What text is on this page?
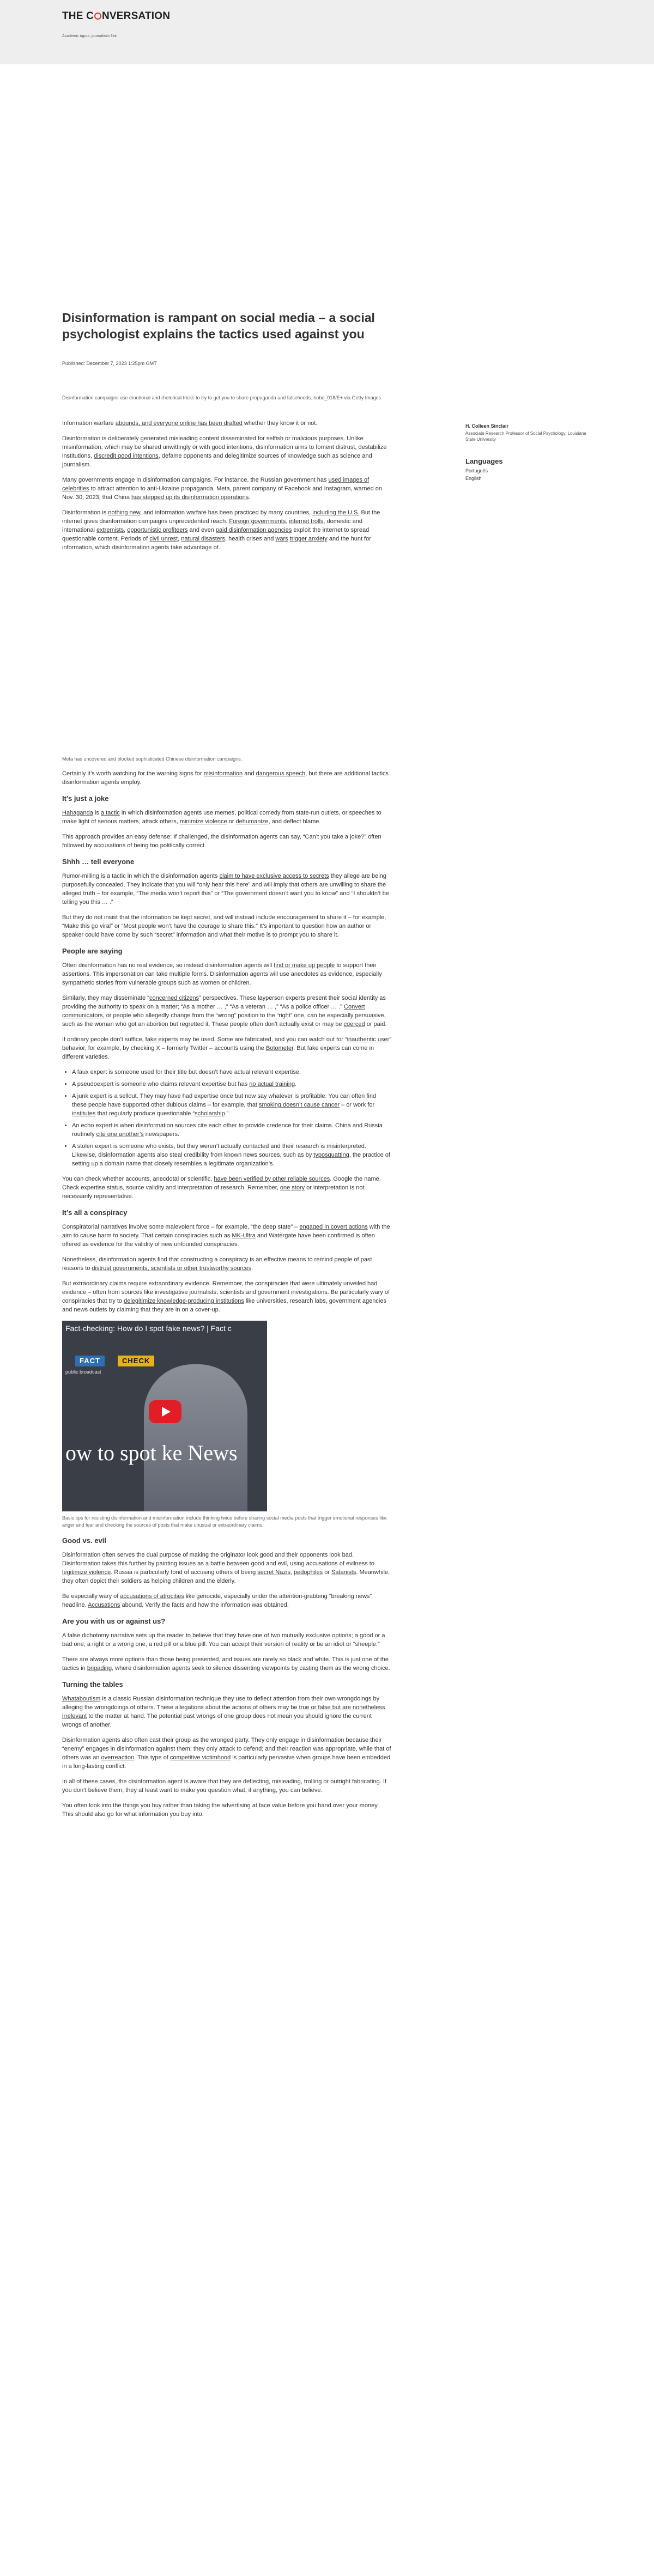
THE C NVERSATION
Academic rigour, journalistic flair
Disinformation is rampant on social media – a social psychologist explains the tactics used against you
Published: December 7, 2023 1:25pm GMT
Disinformation campaigns use emotional and rhetorical tricks to try to get you to share propaganda and falsehoods. hobo_018/E+ via Getty Images
H. Colleen Sinclair
Associate Research Professor of Social Psychology, Louisiana State University
Languages
Português
English

Information warfare abounds, and everyone online has been drafted whether they know it or not.

Disinformation is deliberately generated misleading content disseminated for selfish or malicious purposes. Unlike misinformation, which may be shared unwittingly or with good intentions, disinformation aims to foment distrust, destabilize institutions, discredit good intentions, defame opponents and delegitimize sources of knowledge such as science and journalism.

Many governments engage in disinformation campaigns. For instance, the Russian government has used images of celebrities to attract attention to anti-Ukraine propaganda. Meta, parent company of Facebook and Instagram, warned on Nov. 30, 2023, that China has stepped up its disinformation operations.

Disinformation is nothing new, and information warfare has been practiced by many countries, including the U.S. But the internet gives disinformation campaigns unprecedented reach. Foreign governments, internet trolls, domestic and international extremists, opportunistic profiteers and even paid disinformation agencies exploit the internet to spread questionable content. Periods of civil unrest, natural disasters, health crises and wars trigger anxiety and the hunt for information, which disinformation agents take advantage of.

Meta has uncovered and blocked sophisticated Chinese disinformation campaigns.

Certainly it’s worth watching for the warning signs for misinformation and dangerous speech, but there are additional tactics disinformation agents employ.

It’s just a joke

Hahaganda is a tactic in which disinformation agents use memes, political comedy from state-run outlets, or speeches to make light of serious matters, attack others, minimize violence or dehumanize, and deflect blame.

This approach provides an easy defense: If challenged, the disinformation agents can say, “Can’t you take a joke?” often followed by accusations of being too politically correct.

Shhh … tell everyone

Rumor-milling is a tactic in which the disinformation agents claim to have exclusive access to secrets they allege are being purposefully concealed. They indicate that you will “only hear this here” and will imply that others are unwilling to share the alleged truth – for example, “The media won’t report this” or “The government doesn’t want you to know” and “I shouldn’t be telling you this … .”

But they do not insist that the information be kept secret, and will instead include encouragement to share it – for example, “Make this go viral” or “Most people won’t have the courage to share this.” It’s important to question how an author or speaker could have come by such “secret” information and what their motive is to prompt you to share it.

People are saying

Often disinformation has no real evidence, so instead disinformation agents will find or make up people to support their assertions. This impersonation can take multiple forms. Disinformation agents will use anecdotes as evidence, especially sympathetic stories from vulnerable groups such as women or children.

Similarly, they may disseminate “concerned citizens” perspectives. These layperson experts present their social identity as providing the authority to speak on a matter; “As a mother … ,” “As a veteran … ,” “As a police officer … .” Convert communicators, or people who allegedly change from the “wrong” position to the “right” one, can be especially persuasive, such as the woman who got an abortion but regretted it. These people often don’t actually exist or may be coerced or paid.

If ordinary people don’t suffice, fake experts may be used. Some are fabricated, and you can watch out for “inauthentic user” behavior, for example, by checking X – formerly Twitter – accounts using the Botometer. But fake experts can come in different varieties.

• A faux expert is someone used for their title but doesn’t have actual relevant expertise.
• A pseudoexpert is someone who claims relevant expertise but has no actual training.
• A junk expert is a sellout. They may have had expertise once but now say whatever is profitable. You can often find these people have supported other dubious claims – for example, that smoking doesn’t cause cancer – or work for institutes that regularly produce questionable “scholarship.”
• An echo expert is when disinformation sources cite each other to provide credence for their claims. China and Russia routinely cite one another’s newspapers.
• A stolen expert is someone who exists, but they weren’t actually contacted and their research is misinterpreted. Likewise, disinformation agents also steal credibility from known news sources, such as by typosquatting, the practice of setting up a domain name that closely resembles a legitimate organization’s.

You can check whether accounts, anecdotal or scientific, have been verified by other reliable sources. Google the name. Check expertise status, source validity and interpretation of research. Remember, one story or interpretation is not necessarily representative.

It’s all a conspiracy

Conspiratorial narratives involve some malevolent force – for example, “the deep state” – engaged in covert actions with the aim to cause harm to society. That certain conspiracies such as MK-Ultra and Watergate have been confirmed is often offered as evidence for the validity of new unfounded conspiracies.

Nonetheless, disinformation agents find that constructing a conspiracy is an effective means to remind people of past reasons to distrust governments, scientists or other trustworthy sources.

But extraordinary claims require extraordinary evidence. Remember, the conspiracies that were ultimately unveiled had evidence – often from sources like investigative journalists, scientists and government investigations. Be particularly wary of conspiracies that try to delegitimize knowledge-producing institutions like universities, research labs, government agencies and news outlets by claiming that they are in on a cover-up.

Fact-checking: How do I spot fake news? | Fact c
FACT	CHECK
public broadcast
ow to spot ke News
Basic tips for resisting disinformation and misinformation include thinking twice before sharing social media posts that trigger emotional responses like anger and fear and checking the sources of posts that make unusual or extraordinary claims.
Good vs. evil

Disinformation often serves the dual purpose of making the originator look good and their opponents look bad. Disinformation takes this further by painting issues as a battle between good and evil, using accusations of evilness to legitimize violence. Russia is particularly fond of accusing others of being secret Nazis, pedophiles or Satanists. Meanwhile, they often depict their soldiers as helping children and the elderly.

Be especially wary of accusations of atrocities like genocide, especially under the attention-grabbing “breaking news” headline. Accusations abound. Verify the facts and how the information was obtained.

Are you with us or against us?

A false dichotomy narrative sets up the reader to believe that they have one of two mutually exclusive options; a good or a bad one, a right or a wrong one, a red pill or a blue pill. You can accept their version of reality or be an idiot or “sheeple.”

There are always more options than those being presented, and issues are rarely so black and white. This is just one of the tactics in brigading, where disinformation agents seek to silence dissenting viewpoints by casting them as the wrong choice.

Turning the tables

Whataboutism is a classic Russian disinformation technique they use to deflect attention from their own wrongdoings by alleging the wrongdoings of others. These allegations about the actions of others may be true or false but are nonetheless irrelevant to the matter at hand. The potential past wrongs of one group does not mean you should ignore the current wrongs of another.

Disinformation agents also often cast their group as the wronged party. They only engage in disinformation because their “enemy” engages in disinformation against them; they only attack to defend; and their reaction was appropriate, while that of others was an overreaction. This type of competitive victimhood is particularly pervasive when groups have been embedded in a long-lasting conflict.

In all of these cases, the disinformation agent is aware that they are deflecting, misleading, trolling or outright fabricating. If you don’t believe them, they at least want to make you question what, if anything, you can believe.

You often look into the things you buy rather than taking the advertising at face value before you hand over your money. This should also go for what information you buy into.
